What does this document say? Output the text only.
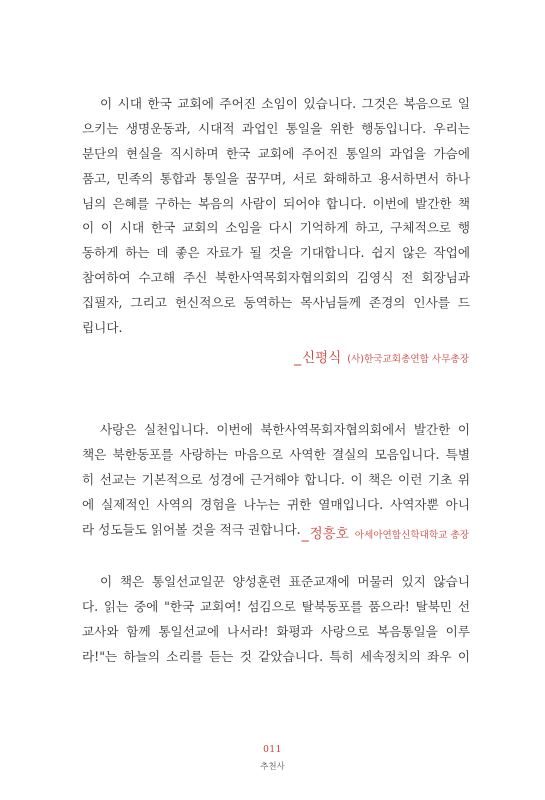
이 시대 한국 교회에 주어진 소임이 있습니다. 그것은 복음으로 일
으키는 생명운동과, 시대적 과업인 통일을 위한 행동입니다. 우리는
분단의 현실을 직시하며 한국 교회에 주어진 통일의 과업을 가슴에
품고, 민족의 통합과 통일을 꿈꾸며, 서로 화해하고 용서하면서 하나
님의 은혜를 구하는 복음의 사람이 되어야 합니다. 이번에 발간한 책
이 이 시대 한국 교회의 소임을 다시 기억하게 하고, 구체적으로 행
동하게 하는 데 좋은 자료가 될 것을 기대합니다. 쉽지 않은 작업에
참여하여 수고해 주신 북한사역목회자협의회의 김영식 전 회장님과
집필자, 그리고 헌신적으로 동역하는 목사님들께 존경의 인사를 드
립니다.
_신평식 (사)한국교회총연합 사무총장
사랑은 실천입니다. 이번에 북한사역목회자협의회에서 발간한 이
책은 북한동포를 사랑하는 마음으로 사역한 결실의 모음입니다. 특별
히 선교는 기본적으로 성경에 근거해야 합니다. 이 책은 이런 기초 위
에 실제적인 사역의 경험을 나누는 귀한 열매입니다. 사역자뿐 아니
라 성도들도 읽어볼 것을 적극 권합니다. _정흥호 아세아연합신학대학교 총장
이 책은 통일선교일꾼 양성훈련 표준교재에 머물러 있지 않습니
다. 읽는 중에 "한국 교회여! 섬김으로 탈북동포를 품으라! 탈북민 선
교사와 함께 통일선교에 나서라! 화평과 사랑으로 복음통일을 이루
라!"는 하늘의 소리를 듣는 것 같았습니다. 특히 세속정치의 좌우 이
011
추천사
